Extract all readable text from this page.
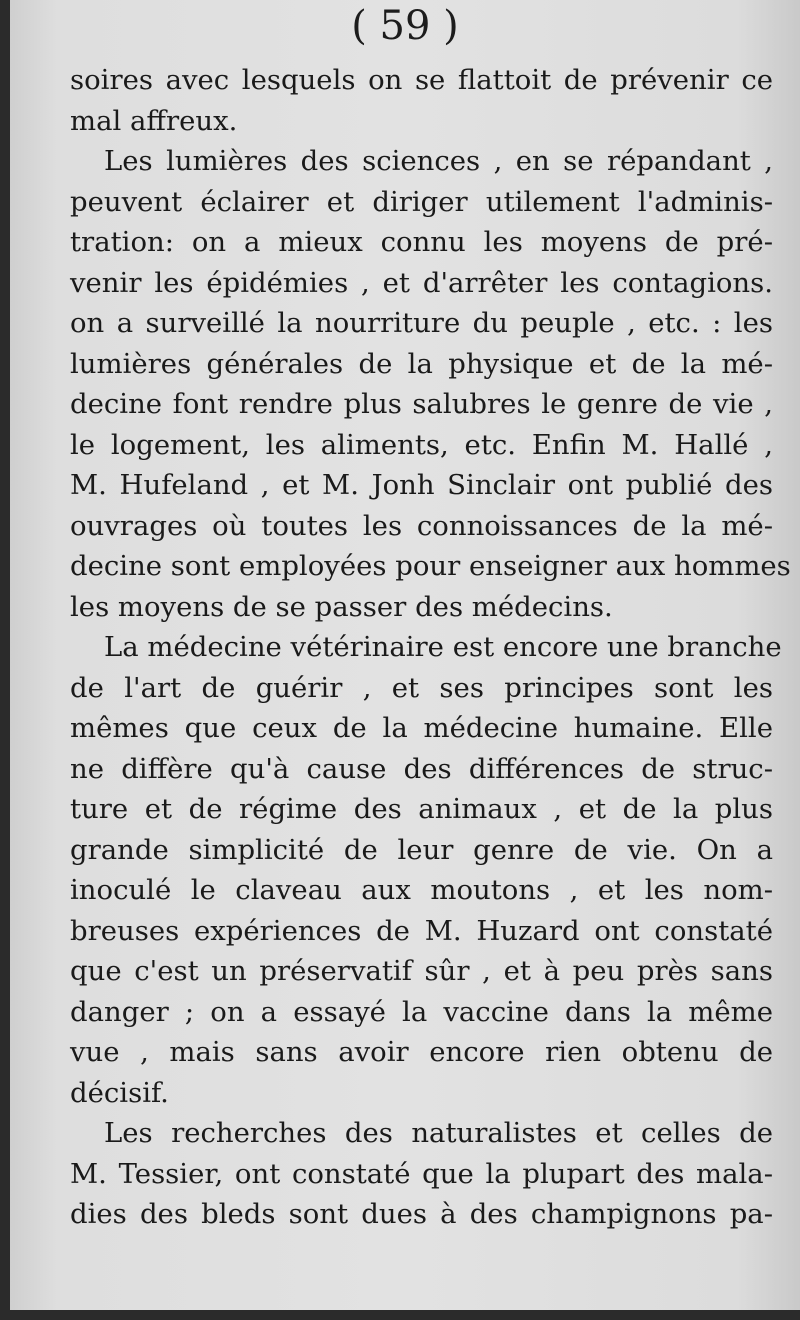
( 59 )
soires avec lesquels on se flattoit de prévenir ce
mal affreux.
Les lumières des sciences , en se répandant ,
peuvent éclairer et diriger utilement l'adminis-
tration: on a mieux connu les moyens de pré-
venir les épidémies , et d'arrêter les contagions.
on a surveillé la nourriture du peuple , etc. : les
lumières générales de la physique et de la mé-
decine font rendre plus salubres le genre de vie ,
le logement, les aliments, etc. Enfin M. Hallé ,
M. Hufeland , et M. Jonh Sinclair ont publié des
ouvrages où toutes les connoissances de la mé-
decine sont employées pour enseigner aux hommes
les moyens de se passer des médecins.
La médecine vétérinaire est encore une branche
de l'art de guérir , et ses principes sont les
mêmes que ceux de la médecine humaine. Elle
ne diffère qu'à cause des différences de struc-
ture et de régime des animaux , et de la plus
grande simplicité de leur genre de vie. On a
inoculé le claveau aux moutons , et les nom-
breuses expériences de M. Huzard ont constaté
que c'est un préservatif sûr , et à peu près sans
danger ; on a essayé la vaccine dans la même
vue , mais sans avoir encore rien obtenu de
décisif.
Les recherches des naturalistes et celles de
M. Tessier, ont constaté que la plupart des mala-
dies des bleds sont dues à des champignons pa-
